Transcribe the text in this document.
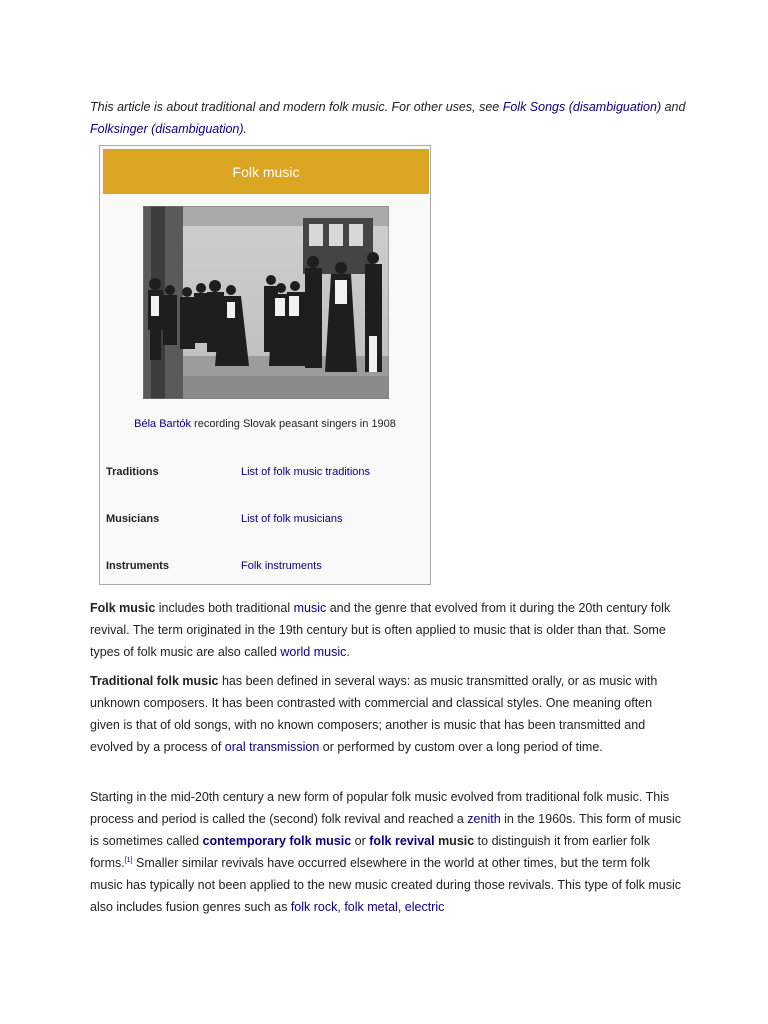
This article is about traditional and modern folk music. For other uses, see Folk Songs (disambiguation) and Folksinger (disambiguation).
Folk music
Béla Bartók recording Slovak peasant singers in 1908
Traditions	List of folk music traditions
Musicians	List of folk musicians
Instruments	Folk instruments

Folk music includes both traditional music and the genre that evolved from it during the 20th century folk revival. The term originated in the 19th century but is often applied to music that is older than that. Some types of folk music are also called world music.

Traditional folk music has been defined in several ways: as music transmitted orally, or as music with unknown composers. It has been contrasted with commercial and classical styles. One meaning often given is that of old songs, with no known composers; another is music that has been transmitted and evolved by a process of oral transmission or performed by custom over a long period of time.

Starting in the mid-20th century a new form of popular folk music evolved from traditional folk music. This process and period is called the (second) folk revival and reached a zenith in the 1960s. This form of music is sometimes called contemporary folk music or folk revival music to distinguish it from earlier folk forms.[1] Smaller similar revivals have occurred elsewhere in the world at other times, but the term folk music has typically not been applied to the new music created during those revivals. This type of folk music also includes fusion genres such as folk rock, folk metal, electric
